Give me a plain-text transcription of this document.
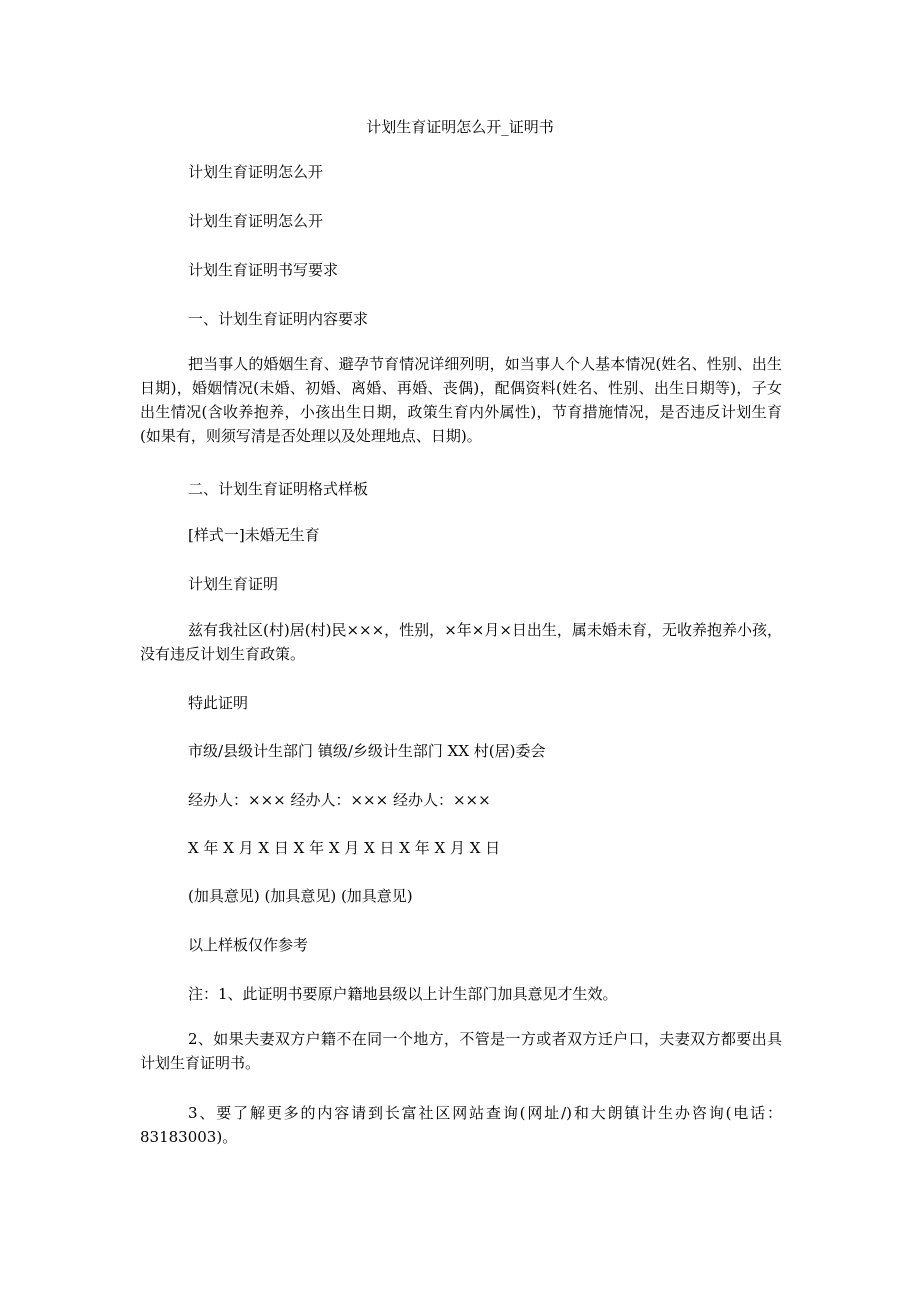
计划生育证明怎么开_证明书

计划生育证明怎么开

计划生育证明怎么开

计划生育证明书写要求

一、计划生育证明内容要求

把当事人的婚姻生育、避孕节育情况详细列明，如当事人个人基本情况(姓名、性别、出生日期)，婚姻情况(未婚、初婚、离婚、再婚、丧偶)，配偶资料(姓名、性别、出生日期等)，子女出生情况(含收养抱养，小孩出生日期，政策生育内外属性)，节育措施情况，是否违反计划生育(如果有，则须写清是否处理以及处理地点、日期)。

二、计划生育证明格式样板

[样式一]未婚无生育

计划生育证明

兹有我社区(村)居(村)民×××，性别，×年×月×日出生，属未婚未育，无收养抱养小孩，没有违反计划生育政策。

特此证明

市级/县级计生部门 镇级/乡级计生部门 XX 村(居)委会

经办人：××× 经办人：××× 经办人：×××

X 年 X 月 X 日 X 年 X 月 X 日 X 年 X 月 X 日

(加具意见) (加具意见) (加具意见)

以上样板仅作参考

注：1、此证明书要原户籍地县级以上计生部门加具意见才生效。

2、如果夫妻双方户籍不在同一个地方，不管是一方或者双方迁户口，夫妻双方都要出具计划生育证明书。

3、要了解更多的内容请到长富社区网站查询(网址/)和大朗镇计生办咨询(电话：83183003)。
